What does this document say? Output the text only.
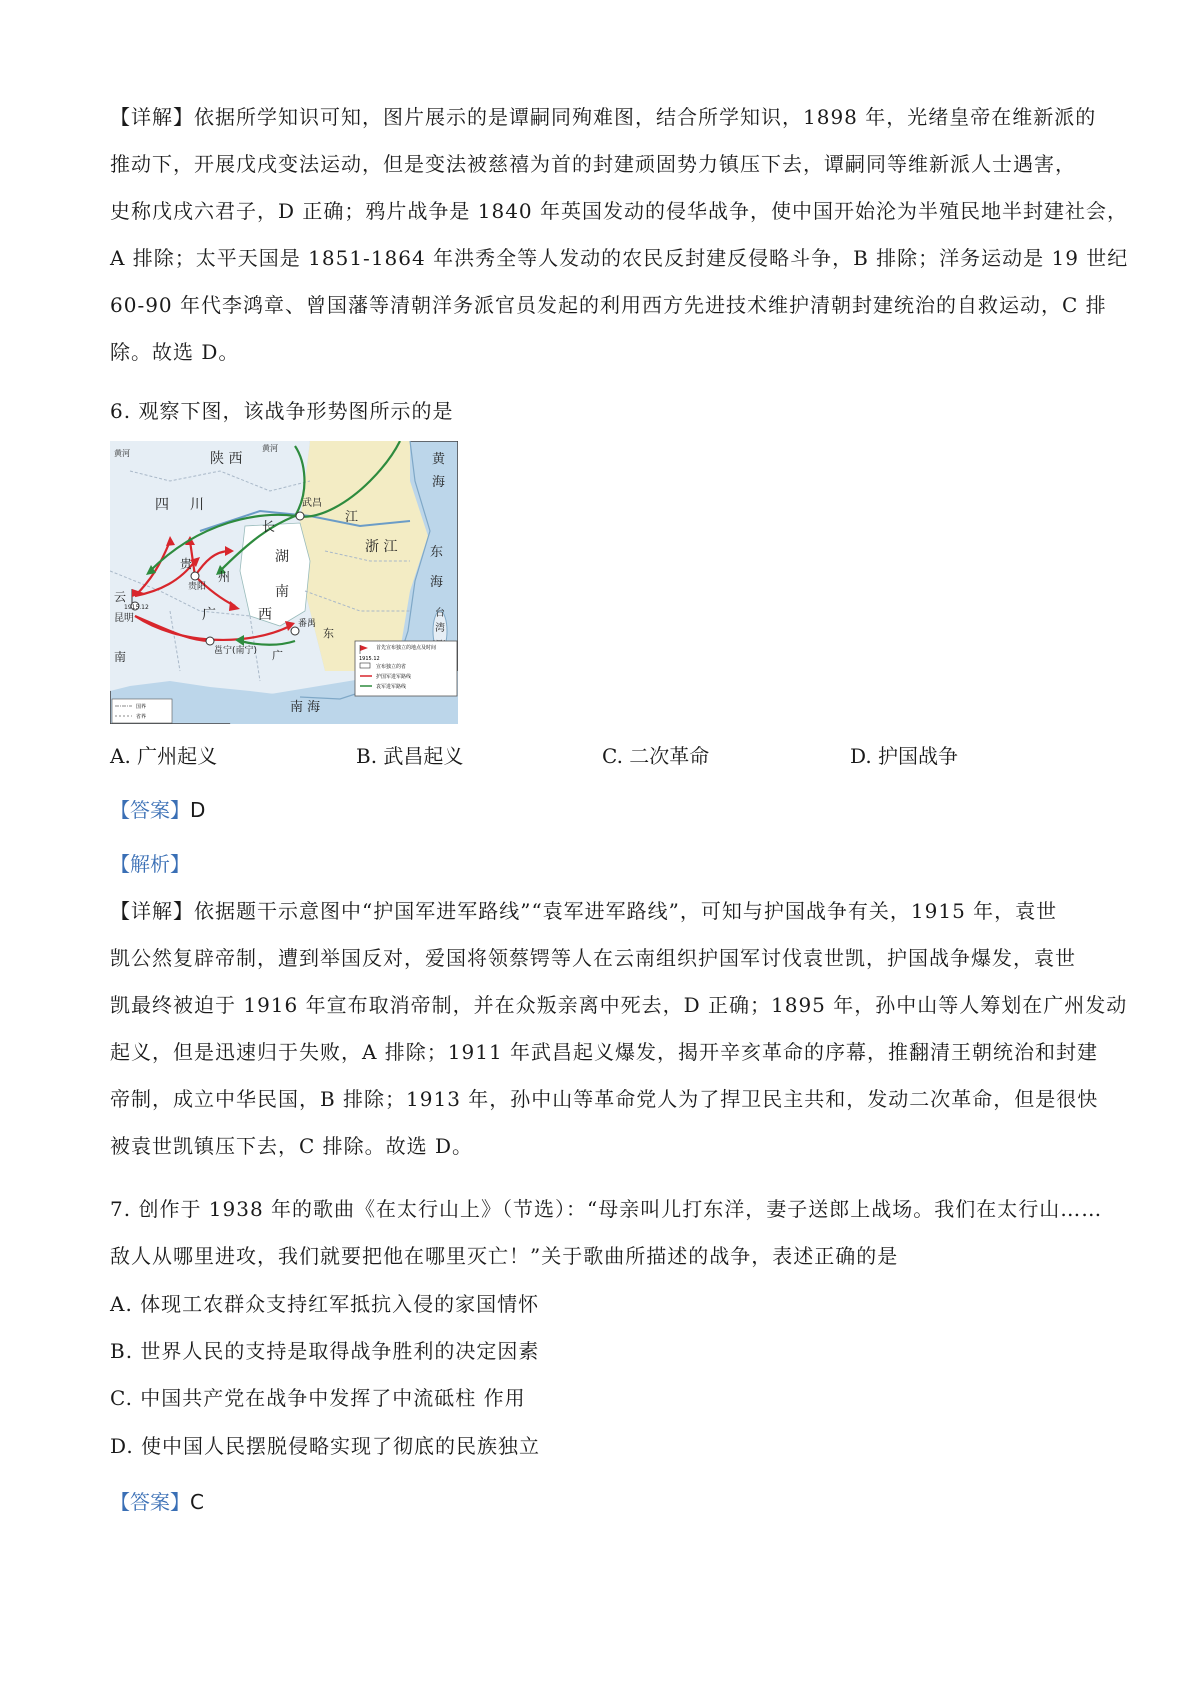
【详解】依据所学知识可知，图片展示的是谭嗣同殉难图，结合所学知识，1898 年，光绪皇帝在维新派的
推动下，开展戊戌变法运动，但是变法被慈禧为首的封建顽固势力镇压下去，谭嗣同等维新派人士遇害，
史称戊戌六君子，D 正确；鸦片战争是 1840 年英国发动的侵华战争，使中国开始沦为半殖民地半封建社会，
A 排除；太平天国是 1851-1864 年洪秀全等人发动的农民反封建反侵略斗争，B 排除；洋务运动是 19 世纪
60-90 年代李鸿章、曾国藩等清朝洋务派官员发起的利用西方先进技术维护清朝封建统治的自救运动，C 排
除。故选 D。
6. 观察下图，该战争形势图所示的是
陕 西
黄河
黄河
四 川	武昌
长
江
浙 江	东
海
黄
海
湖
南
贵
州
贵阳
云
昆明
南
1915.12	广	西
邕宁(南宁)
番禺
东
广
台
湾
南 海
1915.12
首先宣布独立的地点及时间
宣布独立的省
护国军进军路线
袁军进军路线
国界
省界
A. 广州起义	B. 武昌起义	C. 二次革命	D. 护国战争
【答案】D
【解析】
【详解】依据题干示意图中“护国军进军路线”“袁军进军路线”，可知与护国战争有关，1915 年，袁世
凯公然复辟帝制，遭到举国反对，爱国将领蔡锷等人在云南组织护国军讨伐袁世凯，护国战争爆发，袁世
凯最终被迫于 1916 年宣布取消帝制，并在众叛亲离中死去，D 正确；1895 年，孙中山等人筹划在广州发动
起义，但是迅速归于失败，A 排除；1911 年武昌起义爆发，揭开辛亥革命的序幕，推翻清王朝统治和封建
帝制，成立中华民国，B 排除；1913 年，孙中山等革命党人为了捍卫民主共和，发动二次革命，但是很快
被袁世凯镇压下去，C 排除。故选 D。
7. 创作于 1938 年的歌曲《在太行山上》（节选）：“母亲叫儿打东洋，妻子送郎上战场。我们在太行山……
敌人从哪里进攻，我们就要把他在哪里灭亡！”关于歌曲所描述的战争，表述正确的是
A. 体现工农群众支持红军抵抗入侵的家国情怀
B. 世界人民的支持是取得战争胜利的决定因素
C. 中国共产党在战争中发挥了中流砥柱 作用
D. 使中国人民摆脱侵略实现了彻底的民族独立
【答案】C
